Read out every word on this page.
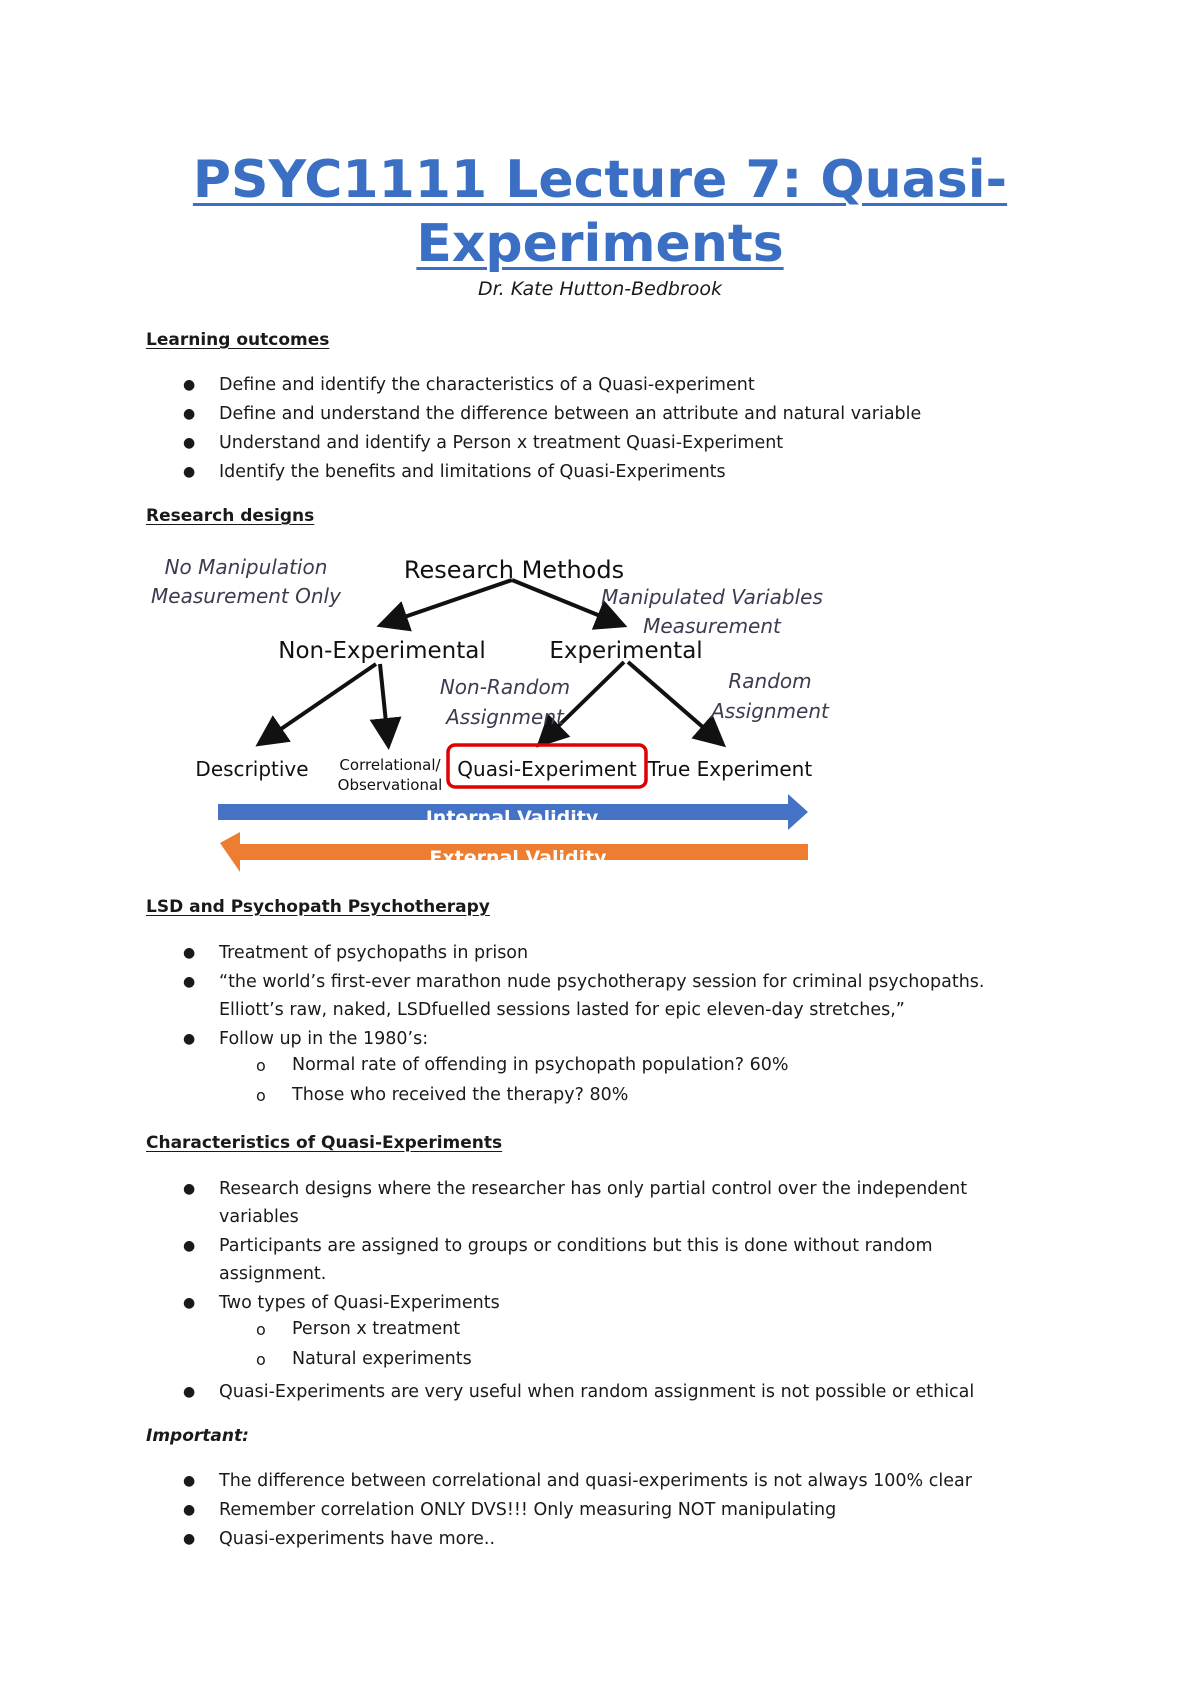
PSYC1111 Lecture 7: Quasi-
Experiments
Dr. Kate Hutton-Bedbrook
Learning outcomes
● Define and identify the characteristics of a Quasi-experiment
● Define and understand the difference between an attribute and natural variable
● Understand and identify a Person x treatment Quasi-Experiment
● Identify the benefits and limitations of Quasi-Experiments
Research designs
Research Methods
No Manipulation
Measurement Only	Manipulated Variables
Measurement
Non-Experimental	Experimental
Non-Random
Assignment
Random
Assignment
Descriptive Correlational/
Observational
Quasi-Experiment True Experiment
Internal Validity
External Validity
LSD and Psychopath Psychotherapy
● Treatment of psychopaths in prison
● “the world’s first-ever marathon nude psychotherapy session for criminal psychopaths.
Elliott’s raw, naked, LSDfuelled sessions lasted for epic eleven-day stretches,”
● Follow up in the 1980’s:
o Normal rate of offending in psychopath population? 60%
o Those who received the therapy? 80%
Characteristics of Quasi-Experiments
● Research designs where the researcher has only partial control over the independent
variables
● Participants are assigned to groups or conditions but this is done without random
assignment.
● Two types of Quasi-Experiments
o Person x treatment
o Natural experiments
● Quasi-Experiments are very useful when random assignment is not possible or ethical
Important:
● The difference between correlational and quasi-experiments is not always 100% clear
● Remember correlation ONLY DVS!!! Only measuring NOT manipulating
● Quasi-experiments have more..
